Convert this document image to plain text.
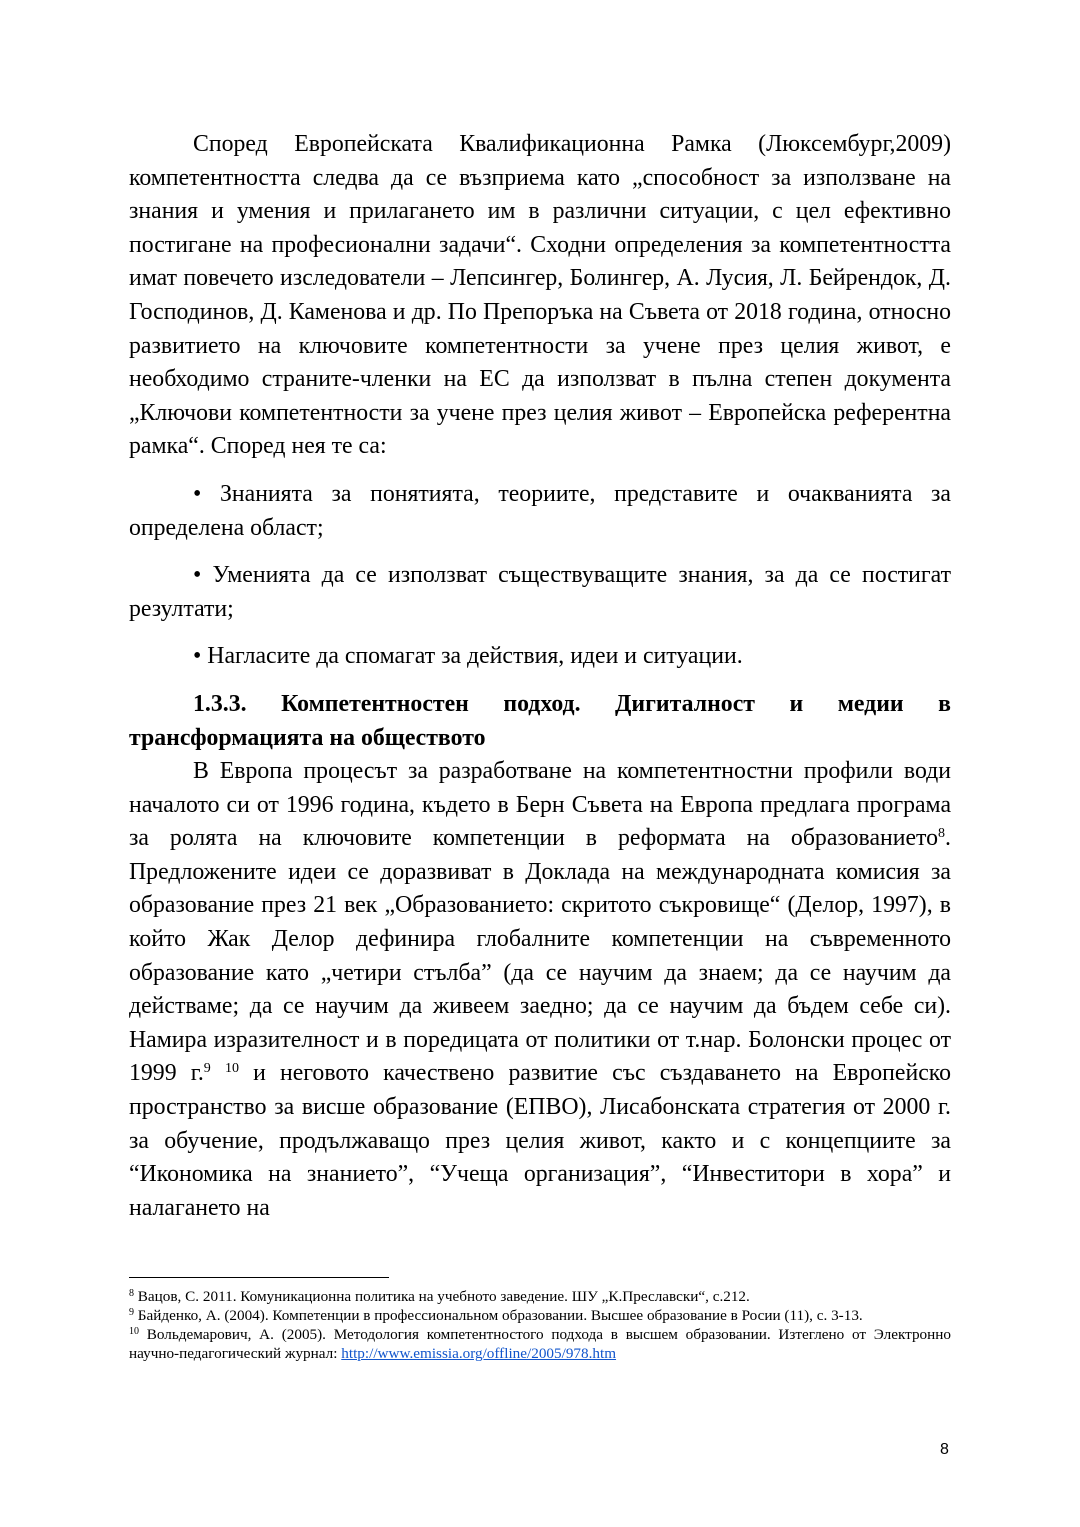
Според Европейската Квалификационна Рамка (Люксембург,2009) компетентността следва да се възприема като „способност за използване на знания и умения и прилагането им в различни ситуации, с цел ефективно постигане на професионални задачи“. Сходни определения за компетентността имат повечето изследователи – Лепсингер, Болингер, А. Лусия, Л. Бейрендок, Д. Господинов, Д. Каменова и др. По Препоръка на Съвета от 2018 година, относно развитието на ключовите компетентности за учене през целия живот, е необходимо страните-членки на ЕС да използват в пълна степен документа „Ключови компетентности за учене през целия живот – Европейска референтна рамка“. Според нея те са:

• Знанията за понятията, теориите, представите и очакванията за определена област;

• Уменията да се използват съществуващите знания, за да се постигат резултати;

• Нагласите да спомагат за действия, идеи и ситуации.

1.3.3. Компетентностен подход. Дигиталност и медии в трансформацията на обществото

В Европа процесът за разработване на компетентностни профили води началото си от 1996 година, където в Берн Съвета на Европа предлага програма за ролята на ключовите компетенции в реформата на образованието$^8$. Предложените идеи се доразвиват в Доклада на международната комисия за образование през 21 век „Образованието: скритото съкровище“ (Делор, 1997), в който Жак Делор дефинира глобалните компетенции на съвременното образование като „четири стълба” (да се научим да знаем; да се научим да действаме; да се научим да живеем заедно; да се научим да бъдем себе си). Намира изразителност и в поредицата от политики от т.нар. Болонски процес от 1999 г.$^9$ $^{10}$ и неговото качествено развитие със създаването на Европейско пространство за висше образование (ЕПВО), Лисабонската стратегия от 2000 г. за обучение, продължаващо през целия живот, както и с концепциите за “Икономика на знанието”, “Учеща организация”, “Инвеститори в хора” и налагането на

$^8$ Вацов, С. 2011. Комуникационна политика на учебното заведение. ШУ „К.Преславски“, с.212.

$^9$ Байденко, А. (2004). Компетенции в профессиональном образовании. Высшее образование в Росии (11), с. 3-13.

$^{10}$ Вольдемарович, А. (2005). Методология компетентностого подхода в высшем образовании. Изтеглено от Электронно научно-педагогический журнал: http://www.emissia.org/offline/2005/978.htm

8
